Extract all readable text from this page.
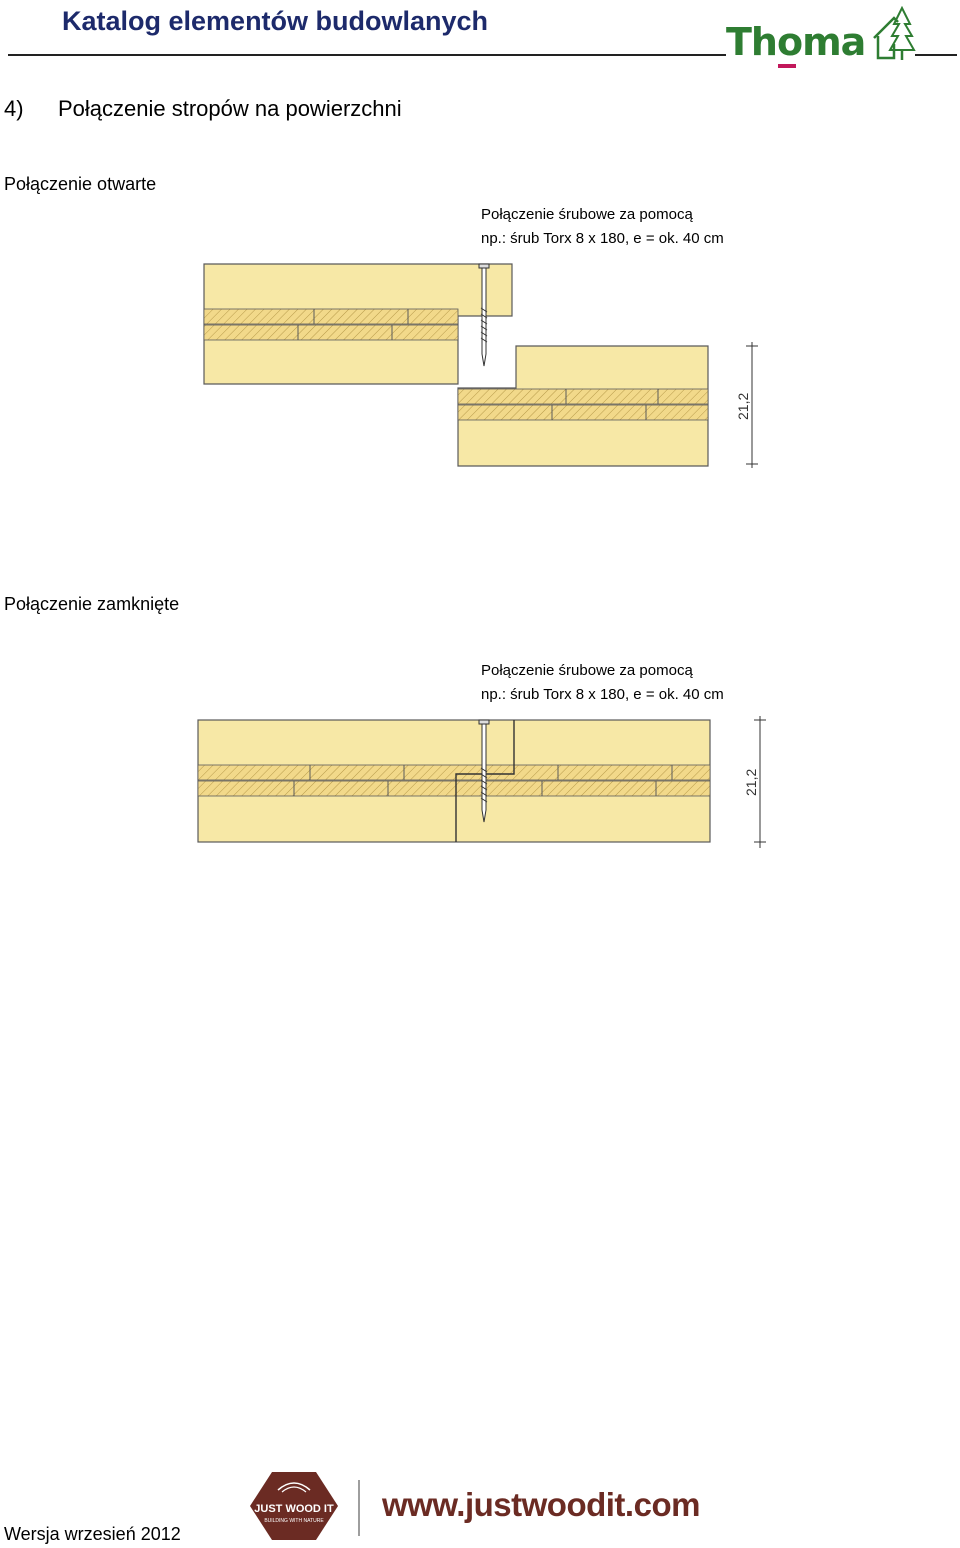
Katalog elementów budowlanych	Thoma
4) Połączenie stropów na powierzchni
Połączenie otwarte
Połączenie śrubowe za pomocą
np.: śrub Torx 8 x 180, e = ok. 40 cm
21,2
Połączenie zamknięte
Połączenie śrubowe za pomocą
np.: śrub Torx 8 x 180, e = ok. 40 cm
21,2
Wersja wrzesień 2012
JUST WOOD IT
BUILDING WITH NATURE www.justwoodit.com
